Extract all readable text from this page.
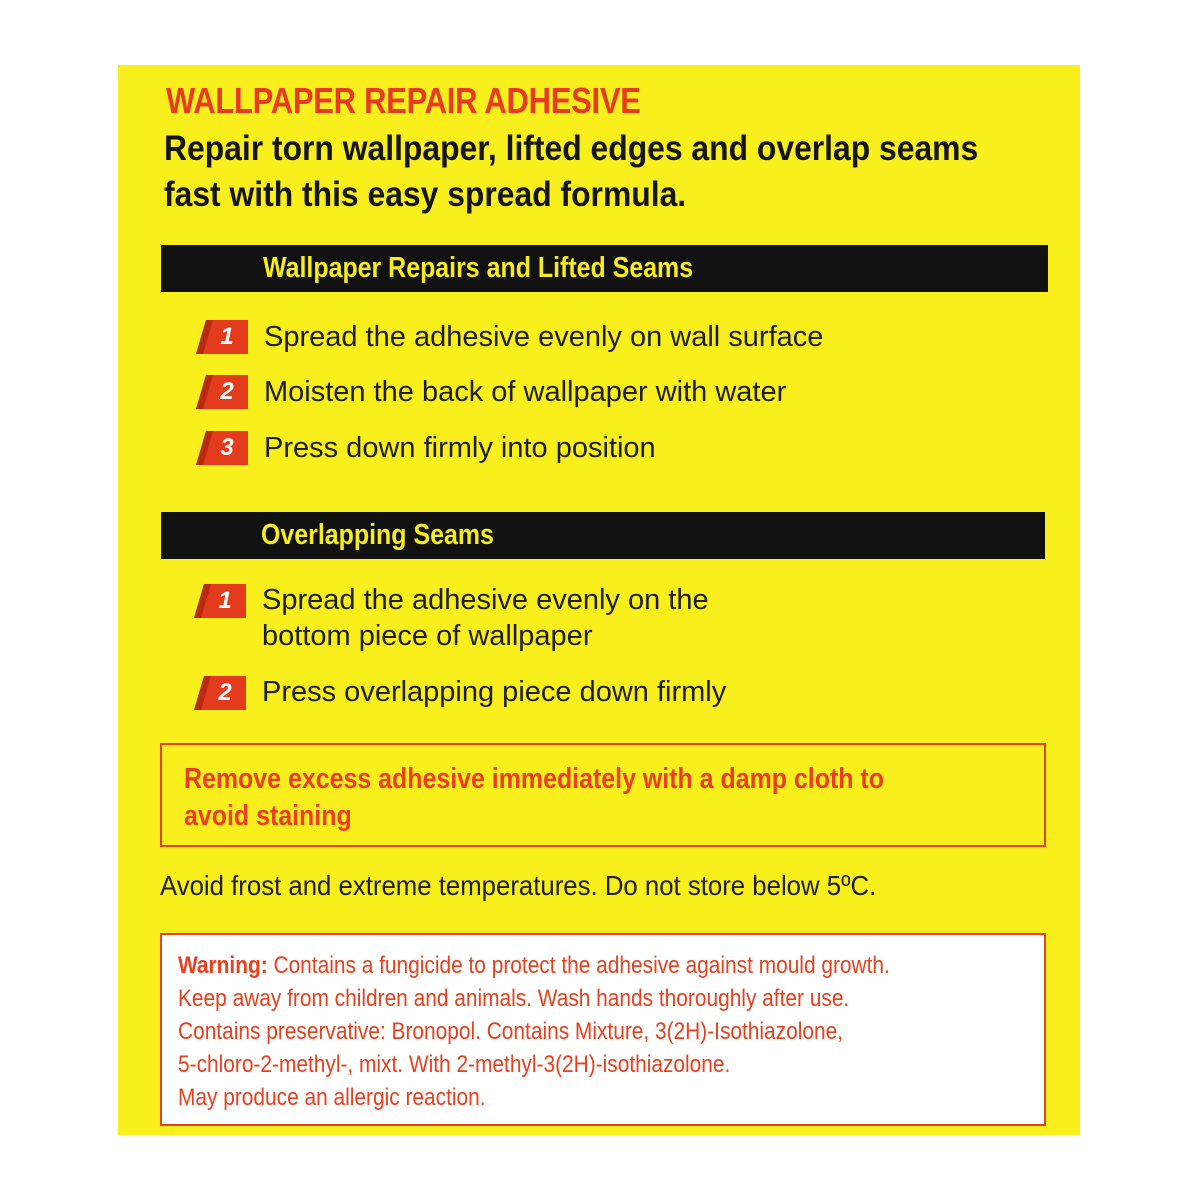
WALLPAPER REPAIR ADHESIVE
Repair torn wallpaper, lifted edges and overlap seams
fast with this easy spread formula.
Wallpaper Repairs and Lifted Seams
1	Spread the adhesive evenly on wall surface
2	Moisten the back of wallpaper with water
3	Press down firmly into position
Overlapping Seams
1	Spread the adhesive evenly on the
bottom piece of wallpaper
2	Press overlapping piece down firmly
Remove excess adhesive immediately with a damp cloth to
avoid staining
Avoid frost and extreme temperatures. Do not store below 5ºC.
Warning: Contains a fungicide to protect the adhesive against mould growth.
Keep away from children and animals. Wash hands thoroughly after use.
Contains preservative: Bronopol. Contains Mixture, 3(2H)-Isothiazolone,
5-chloro-2-methyl-, mixt. With 2-methyl-3(2H)-isothiazolone.
May produce an allergic reaction.
